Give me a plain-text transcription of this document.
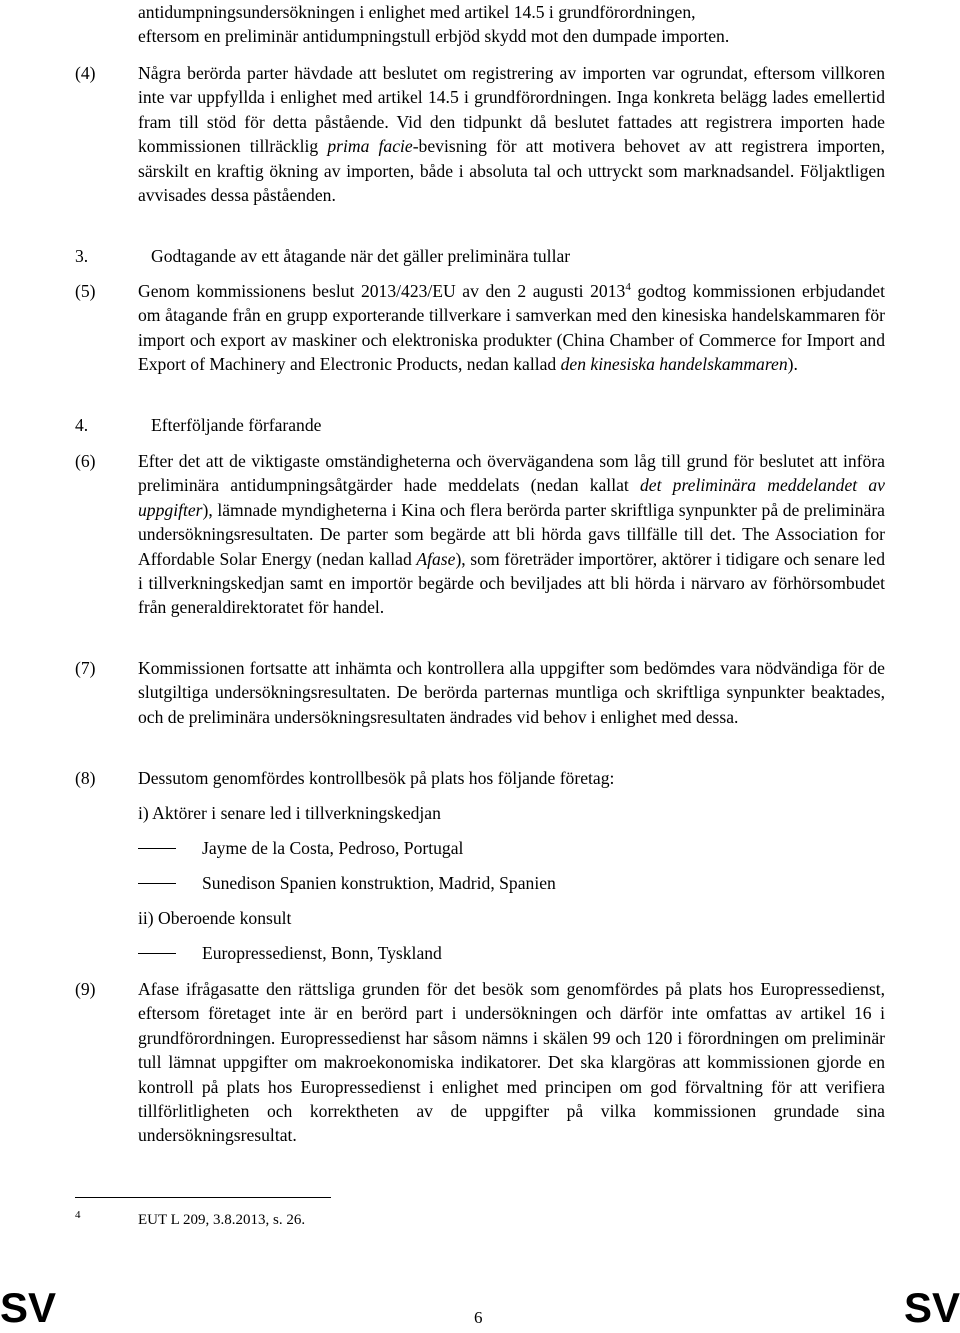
antidumpningsundersökningen i enlighet med artikel 14.5 i grundförordningen,
eftersom en preliminär antidumpningstull erbjöd skydd mot den dumpade importen.
(4) Några berörda parter hävdade att beslutet om registrering av importen var ogrundat, eftersom villkoren inte var uppfyllda i enlighet med artikel 14.5 i grundförordningen. Inga konkreta belägg lades emellertid fram till stöd för detta påstående. Vid den tidpunkt då beslutet fattades att registrera importen hade kommissionen tillräcklig prima facie-bevisning för att motivera behovet av att registrera importen, särskilt en kraftig ökning av importen, både i absoluta tal och uttryckt som marknadsandel. Följaktligen avvisades dessa påståenden.
3.	Godtagande av ett åtagande när det gäller preliminära tullar
(5) Genom kommissionens beslut 2013/423/EU av den 2 augusti 2013$^4$ godtog kommissionen erbjudandet om åtagande från en grupp exporterande tillverkare i samverkan med den kinesiska handelskammaren för import och export av maskiner och elektroniska produkter (China Chamber of Commerce for Import and Export of Machinery and Electronic Products, nedan kallad den kinesiska handelskammaren).
4.	Efterföljande förfarande
(6) Efter det att de viktigaste omständigheterna och övervägandena som låg till grund för beslutet att införa preliminära antidumpningsåtgärder hade meddelats (nedan kallat det preliminära meddelandet av uppgifter), lämnade myndigheterna i Kina och flera berörda parter skriftliga synpunkter på de preliminära undersökningsresultaten. De parter som begärde att bli hörda gavs tillfälle till det. The Association for Affordable Solar Energy (nedan kallad Afase), som företräder importörer, aktörer i tidigare och senare led i tillverkningskedjan samt en importör begärde och beviljades att bli hörda i närvaro av förhörsombudet från generaldirektoratet för handel.
(7) Kommissionen fortsatte att inhämta och kontrollera alla uppgifter som bedömdes vara nödvändiga för de slutgiltiga undersökningsresultaten. De berörda parternas muntliga och skriftliga synpunkter beaktades, och de preliminära undersökningsresultaten ändrades vid behov i enlighet med dessa.
(8) Dessutom genomfördes kontrollbesök på plats hos följande företag:
i) Aktörer i senare led i tillverkningskedjan
Jayme de la Costa, Pedroso, Portugal
Sunedison Spanien konstruktion, Madrid, Spanien
ii) Oberoende konsult
Europressedienst, Bonn, Tyskland
(9) Afase ifrågasatte den rättsliga grunden för det besök som genomfördes på plats hos Europressedienst, eftersom företaget inte är en berörd part i undersökningen och därför inte omfattas av artikel 16 i grundförordningen. Europressedienst har såsom nämns i skälen 99 och 120 i förordningen om preliminär tull lämnat uppgifter om makroekonomiska indikatorer. Det ska klargöras att kommissionen gjorde en kontroll på plats hos Europressedienst i enlighet med principen om god förvaltning för att verifiera tillförlitligheten och korrektheten av de uppgifter på vilka kommissionen grundade sina undersökningsresultat.
4	EUT L 209, 3.8.2013, s. 26.
SV	6	SV
